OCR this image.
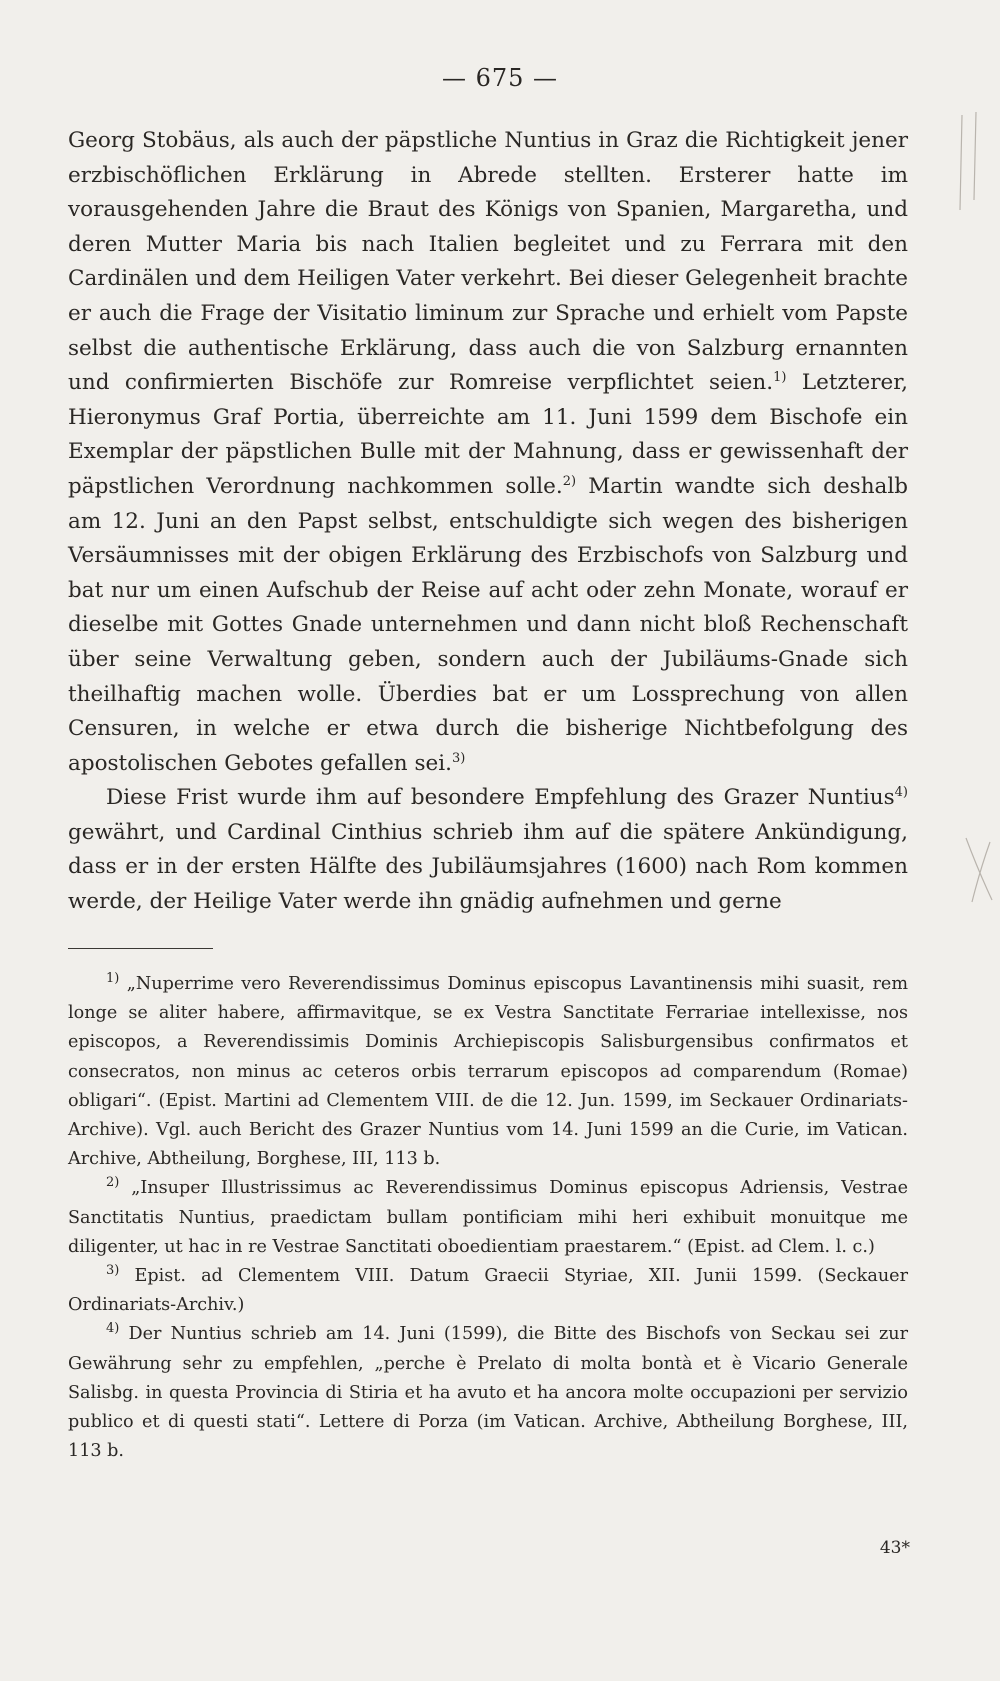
— 675 —

Georg Stobäus, als auch der päpstliche Nuntius in Graz die Richtigkeit jener erzbischöflichen Erklärung in Abrede stellten. Ersterer hatte im vorausgehenden Jahre die Braut des Königs von Spanien, Margaretha, und deren Mutter Maria bis nach Italien begleitet und zu Ferrara mit den Cardinälen und dem Heiligen Vater verkehrt. Bei dieser Gelegenheit brachte er auch die Frage der Visitatio liminum zur Sprache und erhielt vom Papste selbst die authentische Erklärung, dass auch die von Salzburg ernannten und confirmierten Bischöfe zur Romreise verpflichtet seien.$^{1)}$ Letzterer, Hieronymus Graf Portia, überreichte am 11. Juni 1599 dem Bischofe ein Exemplar der päpstlichen Bulle mit der Mahnung, dass er gewissenhaft der päpstlichen Verordnung nachkommen solle.$^{2)}$ Martin wandte sich deshalb am 12. Juni an den Papst selbst, entschuldigte sich wegen des bisherigen Versäumnisses mit der obigen Erklärung des Erzbischofs von Salzburg und bat nur um einen Aufschub der Reise auf acht oder zehn Monate, worauf er dieselbe mit Gottes Gnade unternehmen und dann nicht bloß Rechenschaft über seine Verwaltung geben, sondern auch der Jubiläums-Gnade sich theilhaftig machen wolle. Überdies bat er um Lossprechung von allen Censuren, in welche er etwa durch die bisherige Nichtbefolgung des apostolischen Gebotes gefallen sei.$^{3)}$

Diese Frist wurde ihm auf besondere Empfehlung des Grazer Nuntius$^{4)}$ gewährt, und Cardinal Cinthius schrieb ihm auf die spätere Ankündigung, dass er in der ersten Hälfte des Jubiläumsjahres (1600) nach Rom kommen werde, der Heilige Vater werde ihn gnädig aufnehmen und gerne

$^{1)}$ „Nuperrime vero Reverendissimus Dominus episcopus Lavantinensis mihi suasit, rem longe se aliter habere, affirmavitque, se ex Vestra Sanctitate Ferrariae intellexisse, nos episcopos, a Reverendissimis Dominis Archiepiscopis Salisburgensibus confirmatos et consecratos, non minus ac ceteros orbis terrarum episcopos ad comparendum (Romae) obligari“. (Epist. Martini ad Clementem VIII. de die 12. Jun. 1599, im Seckauer Ordinariats-Archive). Vgl. auch Bericht des Grazer Nuntius vom 14. Juni 1599 an die Curie, im Vatican. Archive, Abtheilung, Borghese, III, 113 b.

$^{2)}$ „Insuper Illustrissimus ac Reverendissimus Dominus episcopus Adriensis, Vestrae Sanctitatis Nuntius, praedictam bullam pontificiam mihi heri exhibuit monuitque me diligenter, ut hac in re Vestrae Sanctitati oboedientiam praestarem.“ (Epist. ad Clem. l. c.)

$^{3)}$ Epist. ad Clementem VIII. Datum Graecii Styriae, XII. Junii 1599. (Seckauer Ordinariats-Archiv.)

$^{4)}$ Der Nuntius schrieb am 14. Juni (1599), die Bitte des Bischofs von Seckau sei zur Gewährung sehr zu empfehlen, „perche è Prelato di molta bontà et è Vicario Generale Salisbg. in questa Provincia di Stiria et ha avuto et ha ancora molte occupazioni per servizio publico et di questi stati“. Lettere di Porza (im Vatican. Archive, Abtheilung Borghese, III, 113 b.

43*
